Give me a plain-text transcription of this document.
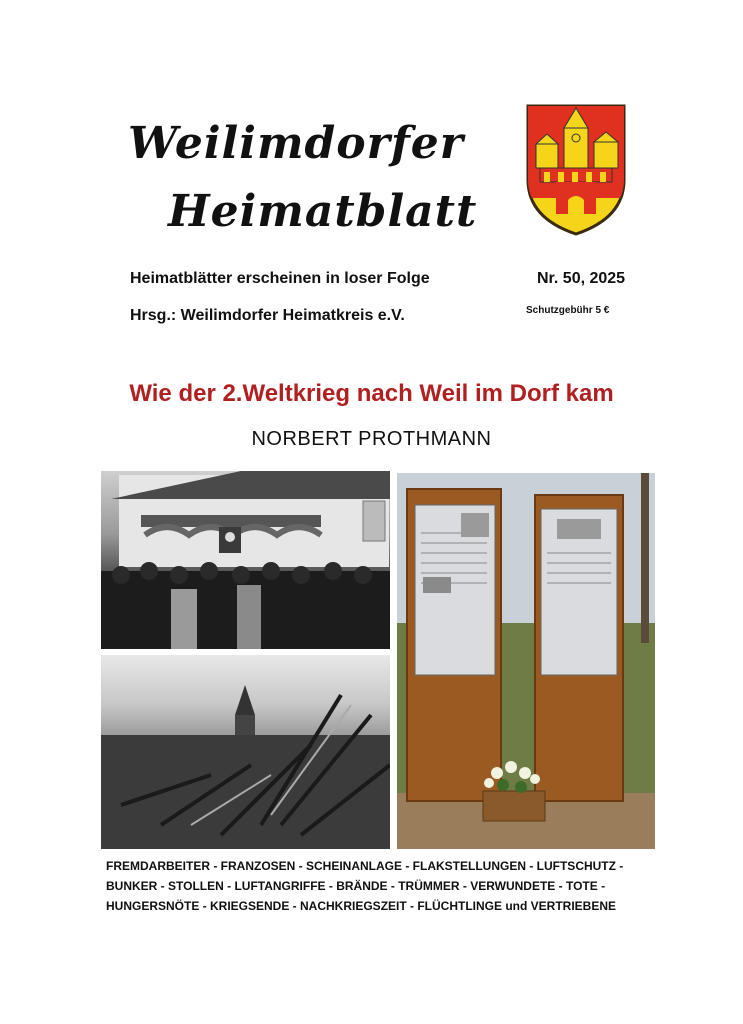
Weilimdorfer
Heimatblatt
Heimatblätter erscheinen in loser Folge
Hrsg.: Weilimdorfer Heimatkreis e.V.
Nr. 50, 2025
Schutzgebühr 5 €
Wie der 2.Weltkrieg nach Weil im Dorf kam
NORBERT PROTHMANN
FREMDARBEITER - FRANZOSEN - SCHEINANLAGE - FLAKSTELLUNGEN - LUFTSCHUTZ -
BUNKER - STOLLEN - LUFTANGRIFFE - BRÄNDE - TRÜMMER - VERWUNDETE - TOTE -
HUNGERSNÖTE - KRIEGSENDE - NACHKRIEGSZEIT - FLÜCHTLINGE und VERTRIEBENE
